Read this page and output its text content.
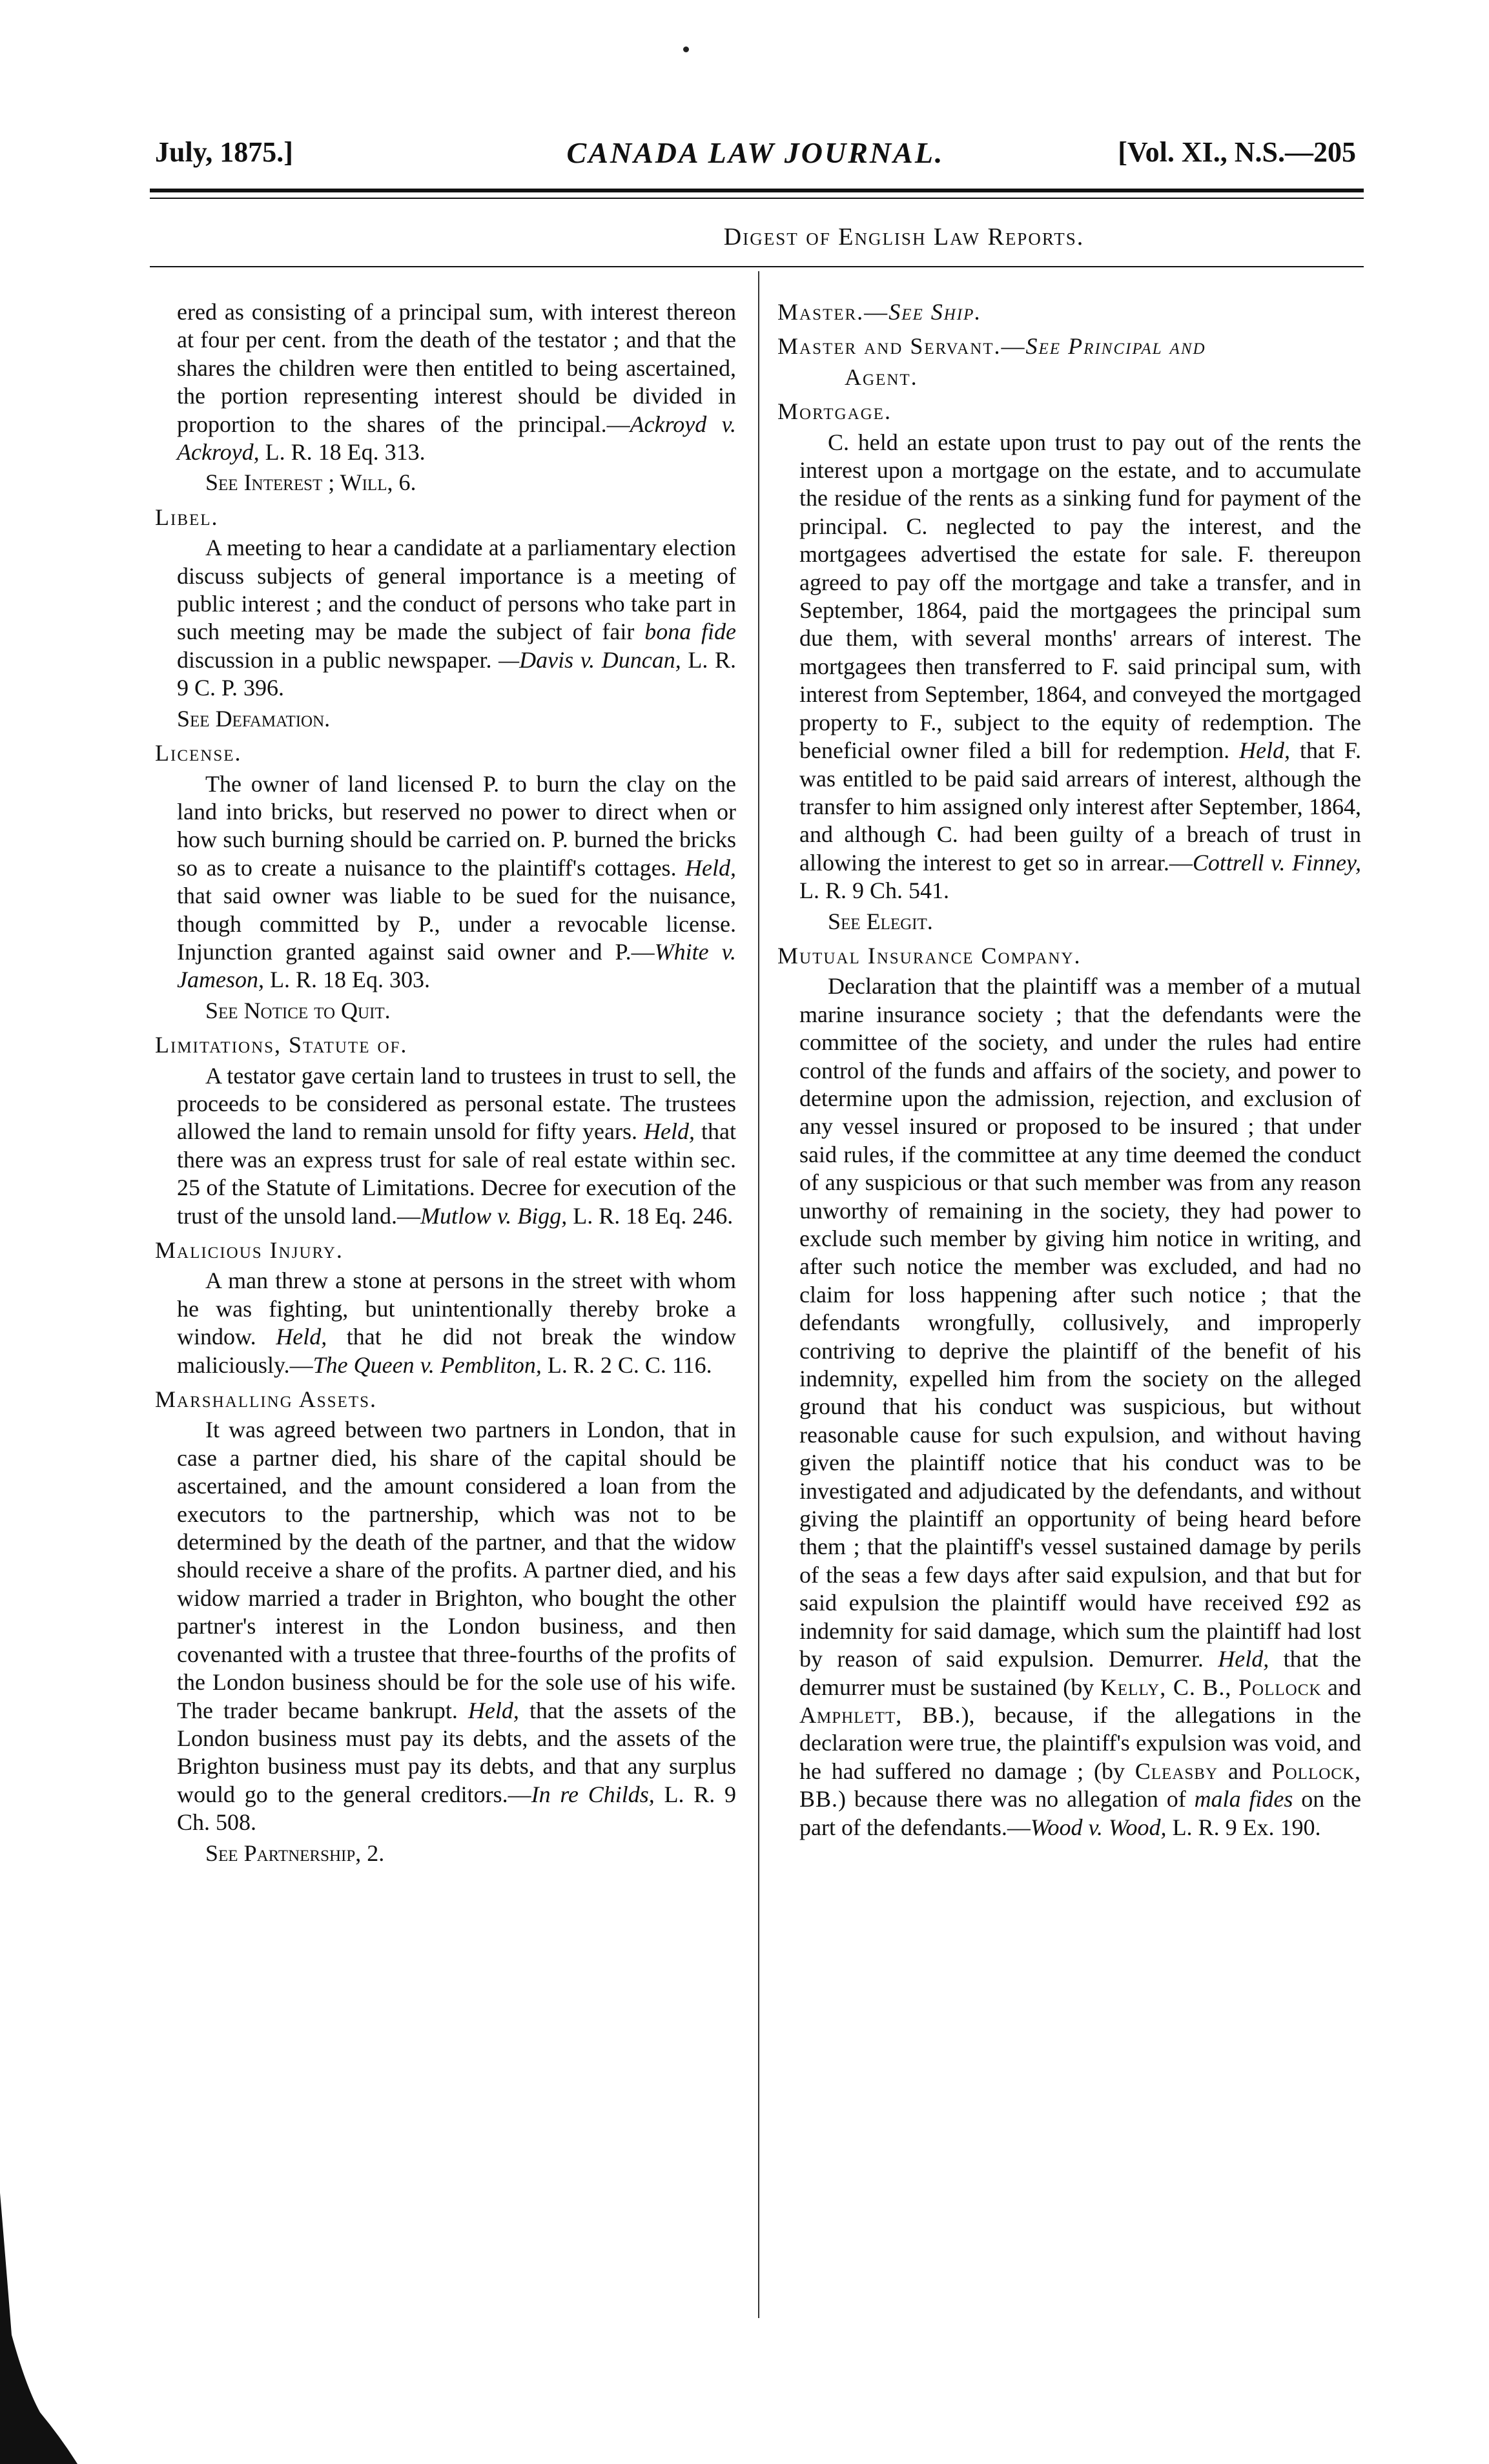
July, 1875.]	CANADA LAW JOURNAL.	[Vol. XI., N.S.—205
Digest of English Law Reports.

ered as consisting of a principal sum, with interest thereon at four per cent. from the death of the testator ; and that the shares the children were then entitled to being ascertained, the portion representing interest should be divided in proportion to the shares of the principal.—Ackroyd v. Ackroyd, L. R. 18 Eq. 313.

See Interest ; Will, 6.

Libel.

A meeting to hear a candidate at a parliamentary election discuss subjects of general importance is a meeting of public interest ; and the conduct of persons who take part in such meeting may be made the subject of fair bona fide discussion in a public newspaper. —Davis v. Duncan, L. R. 9 C. P. 396.

See Defamation.

License.

The owner of land licensed P. to burn the clay on the land into bricks, but reserved no power to direct when or how such burning should be carried on. P. burned the bricks so as to create a nuisance to the plaintiff's cottages. Held, that said owner was liable to be sued for the nuisance, though committed by P., under a revocable license. Injunction granted against said owner and P.—White v. Jameson, L. R. 18 Eq. 303.

See Notice to Quit.

Limitations, Statute of.

A testator gave certain land to trustees in trust to sell, the proceeds to be considered as personal estate. The trustees allowed the land to remain unsold for fifty years. Held, that there was an express trust for sale of real estate within sec. 25 of the Statute of Limitations. Decree for execution of the trust of the unsold land.—Mutlow v. Bigg, L. R. 18 Eq. 246.

Malicious Injury.

A man threw a stone at persons in the street with whom he was fighting, but unintentionally thereby broke a window. Held, that he did not break the window maliciously.—The Queen v. Pembliton, L. R. 2 C. C. 116.

Marshalling Assets.

It was agreed between two partners in London, that in case a partner died, his share of the capital should be ascertained, and the amount considered a loan from the executors to the partnership, which was not to be determined by the death of the partner, and that the widow should receive a share of the profits. A partner died, and his widow married a trader in Brighton, who bought the other partner's interest in the London business, and then covenanted with a trustee that three-fourths of the profits of the London business should be for the sole use of his wife. The trader became bankrupt. Held, that the assets of the London business must pay its debts, and the assets of the Brighton business must pay its debts, and that any surplus would go to the general creditors.—In re Childs, L. R. 9 Ch. 508.

See Partnership, 2.

Master.—See Ship.

Master and Servant.—See Principal and

Agent.

Mortgage.

C. held an estate upon trust to pay out of the rents the interest upon a mortgage on the estate, and to accumulate the residue of the rents as a sinking fund for payment of the principal. C. neglected to pay the interest, and the mortgagees advertised the estate for sale. F. thereupon agreed to pay off the mortgage and take a transfer, and in September, 1864, paid the mortgagees the principal sum due them, with several months' arrears of interest. The mortgagees then transferred to F. said principal sum, with interest from September, 1864, and conveyed the mortgaged property to F., subject to the equity of redemption. The beneficial owner filed a bill for redemption. Held, that F. was entitled to be paid said arrears of interest, although the transfer to him assigned only interest after September, 1864, and although C. had been guilty of a breach of trust in allowing the interest to get so in arrear.—Cottrell v. Finney, L. R. 9 Ch. 541.

See Elegit.

Mutual Insurance Company.

Declaration that the plaintiff was a member of a mutual marine insurance society ; that the defendants were the committee of the society, and under the rules had entire control of the funds and affairs of the society, and power to determine upon the admission, rejection, and exclusion of any vessel insured or proposed to be insured ; that under said rules, if the committee at any time deemed the conduct of any suspicious or that such member was from any reason unworthy of remaining in the society, they had power to exclude such member by giving him notice in writing, and after such notice the member was excluded, and had no claim for loss happening after such notice ; that the defendants wrongfully, collusively, and improperly contriving to deprive the plaintiff of the benefit of his indemnity, expelled him from the society on the alleged ground that his conduct was suspicious, but without reasonable cause for such expulsion, and without having given the plaintiff notice that his conduct was to be investigated and adjudicated by the defendants, and without giving the plaintiff an opportunity of being heard before them ; that the plaintiff's vessel sustained damage by perils of the seas a few days after said expulsion, and that but for said expulsion the plaintiff would have received £92 as indemnity for said damage, which sum the plaintiff had lost by reason of said expulsion. Demurrer. Held, that the demurrer must be sustained (by Kelly, C. B., Pollock and Amphlett, BB.), because, if the allegations in the declaration were true, the plaintiff's expulsion was void, and he had suffered no damage ; (by Cleasby and Pollock, BB.) because there was no allegation of mala fides on the part of the defendants.—Wood v. Wood, L. R. 9 Ex. 190.
